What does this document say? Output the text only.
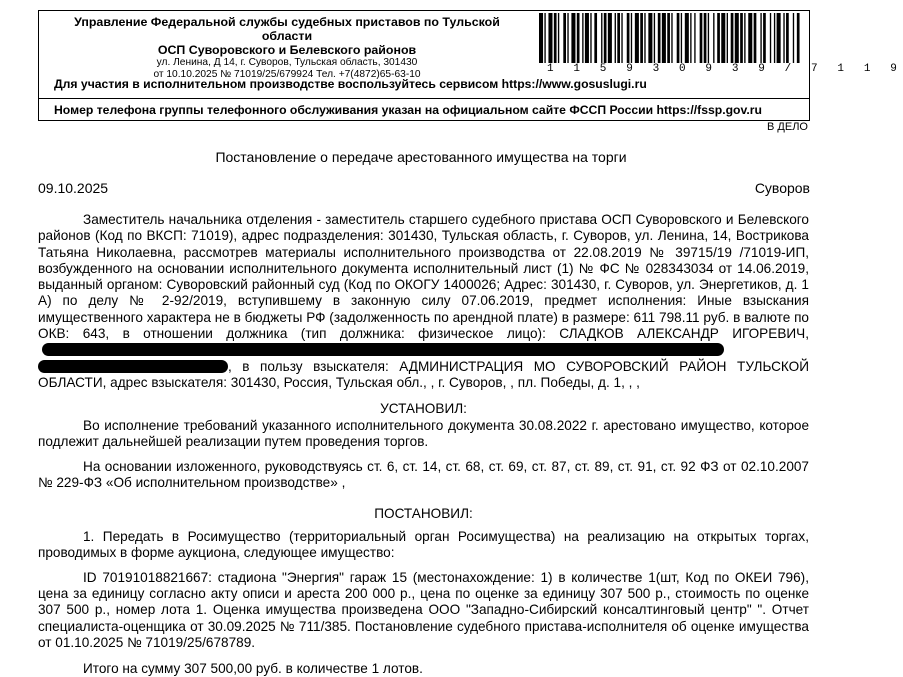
Управление Федеральной службы судебных приставов по Тульской области
ОСП Суворовского и Белевского районов
ул. Ленина, Д 14, г. Суворов, Тульская область, 301430
от 10.10.2025 № 71019/25/679924 Тел. +7(4872)65-63-10	1 1 5 9 3 0 9 3 9 / 7 1 1 9
Для участия в исполнительном производстве воспользуйтесь сервисом https://www.gosuslugi.ru
Номер телефона группы телефонного обслуживания указан на официальном сайте ФССП России https://fssp.gov.ru
В ДЕЛО
Постановление о передаче арестованного имущества на торги
09.10.2025	Суворов

Заместитель начальника отделения - заместитель старшего судебного пристава ОСП Суворовского и Белевского районов (Код по ВКСП: 71019), адрес подразделения: 301430, Тульская область, г. Суворов, ул. Ленина, 14, Вострикова Татьяна Николаевна, рассмотрев материалы исполнительного производства от 22.08.2019 № 39715/19 /71019-ИП, возбужденного на основании исполнительного документа исполнительный лист (1) № ФС № 028343034 от 14.06.2019, выданный органом: Суворовский районный суд (Код по ОКОГУ 1400026; Адрес: 301430, г. Суворов, ул. Энергетиков, д. 1 А) по делу № 2-92/2019, вступившему в законную силу 07.06.2019, предмет исполнения: Иные взыскания имущественного характера не в бюджеты РФ (задолженность по арендной плате) в размере: 611 798.11 руб. в валюте по ОКВ: 643, в отношении должника (тип должника: физическое лицо): СЛАДКОВ АЛЕКСАНДР ИГОРЕВИЧ,
, в пользу взыскателя: АДМИНИСТРАЦИЯ МО СУВОРОВСКИЙ РАЙОН ТУЛЬСКОЙ ОБЛАСТИ, адрес взыскателя: 301430, Россия, Тульская обл., , г. Суворов, , пл. Победы, д. 1, , ,

УСТАНОВИЛ:

Во исполнение требований указанного исполнительного документа 30.08.2022 г. арестовано имущество, которое подлежит дальнейшей реализации путем проведения торгов.

На основании изложенного, руководствуясь ст. 6, ст. 14, ст. 68, ст. 69, ст. 87, ст. 89, ст. 91, ст. 92 ФЗ от 02.10.2007 № 229-ФЗ «Об исполнительном производстве» ,

ПОСТАНОВИЛ:

1. Передать в Росимущество (территориальный орган Росимущества) на реализацию на открытых торгах, проводимых в форме аукциона, следующее имущество:

ID 70191018821667: стадиона "Энергия" гараж 15 (местонахождение: 1) в количестве 1(шт, Код по ОКЕИ 796), цена за единицу согласно акту описи и ареста 200 000 р., цена по оценке за единицу 307 500 р., стоимость по оценке 307 500 р., номер лота 1. Оценка имущества произведена ООО "Западно-Сибирский консалтинговый центр" ". Отчет специалиста-оценщика от 30.09.2025 № 711/385. Постановление судебного пристава-исполнителя об оценке имущества от 01.10.2025 № 71019/25/678789.

Итого на сумму 307 500,00 руб. в количестве 1 лотов.
